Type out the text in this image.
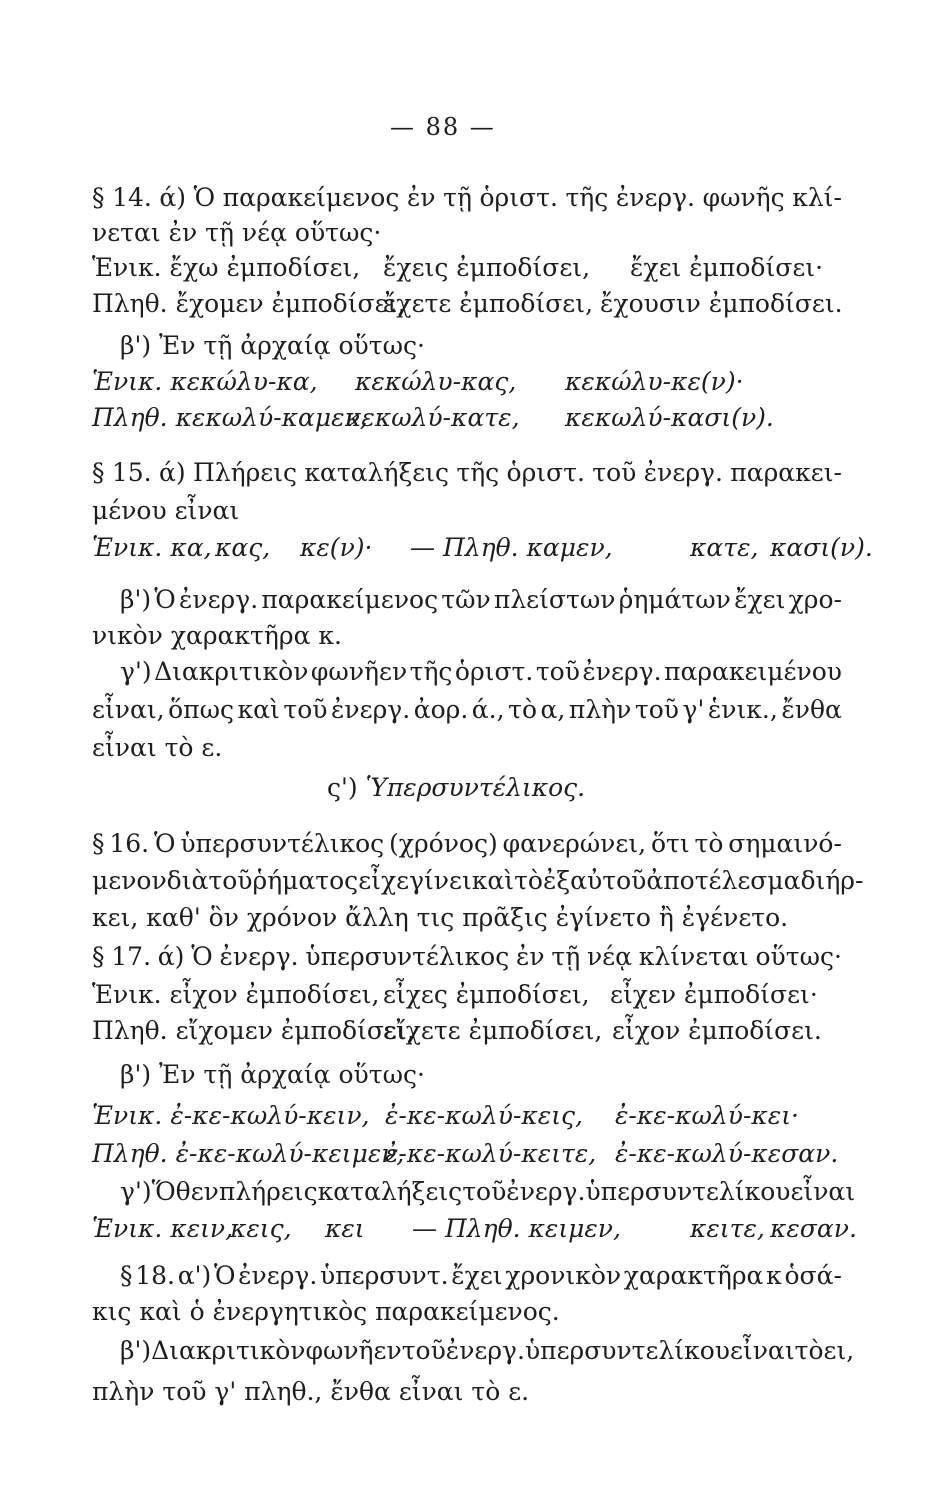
— 88 —
§ 14. ά) Ὁ παρακείμενος ἐν τῇ ὁριστ. τῆς ἐνεργ. φωνῆς κλί-
νεται ἐν τῇ νέᾳ οὕτως·
Ἑνικ. ἔχω ἐμποδίσει, ἔχεις ἐμποδίσει, ἔχει ἐμποδίσει·
Πληθ. ἔχομεν ἐμποδίσει,
ἔχετε ἐμποδίσει, ἔχουσιν ἐμποδίσει.
β') Ἐν τῇ ἀρχαίᾳ οὕτως·
Ἑνικ. κεκώλυ-κα, κεκώλυ-κας, κεκώλυ-κε(ν)·
Πληθ. κεκωλύ-καμεν,
κεκωλύ-κατε, κεκωλύ-κασι(ν).
§ 15. ά) Πλήρεις καταλήξεις τῆς ὁριστ. τοῦ ἐνεργ. παρακει-
μένου εἶναι
Ἑνικ. κα, κας, κε(ν)· — Πληθ. καμεν,	κατε, κασι(ν).
β') Ὁ ἐνεργ. παρακείμενος τῶν πλείστων ῥημάτων ἔχει χρο-
νικὸν χαρακτῆρα κ.
γ') Διακριτικὸν φωνῆεν τῆς ὁριστ. τοῦ ἐνεργ. παρακειμένου
εἶναι, ὅπως καὶ τοῦ ἐνεργ. ἀορ. ά., τὸ α, πλὴν τοῦ γ' ἑνικ., ἔνθα
εἶναι τὸ ε.
ς') Ὑπερσυντέλικος.
§ 16. Ὁ ὑπερσυντέλικος (χρόνος) φανερώνει, ὅτι τὸ σημαινό-
μενον διὰ τοῦ ῥήματος εἶχε γίνει καὶ τὸ ἐξ αὐτοῦ ἀποτέλεσμα διήρ-
κει, καθ' ὃν χρόνον ἄλλη τις πρᾶξις ἐγίνετο ἢ ἐγένετο.
§ 17. ά) Ὁ ἐνεργ. ὑπερσυντέλικος ἐν τῇ νέᾳ κλίνεται οὕτως·
Ἑνικ. εἶχον ἐμποδίσει, εἶχες ἐμποδίσει, εἶχεν ἐμποδίσει·
Πληθ. εἴχομεν ἐμποδίσει,
εἴχετε ἐμποδίσει, εἶχον ἐμποδίσει.
β') Ἐν τῇ ἀρχαίᾳ οὕτως·
Ἑνικ. ἐ-κε-κωλύ-κειν, ἐ-κε-κωλύ-κεις, ἐ-κε-κωλύ-κει·
Πληθ. ἐ-κε-κωλύ-κειμεν,
ἐ-κε-κωλύ-κειτε, ἐ-κε-κωλύ-κεσαν.
γ') Ὅθεν πλήρεις καταλήξεις τοῦ ἐνεργ. ὑπερσυντελίκου εἶναι
Ἑνικ. κειν,
κεις, κει — Πληθ. κειμεν,	κειτε, κεσαν.
§ 18. α') Ὁ ἐνεργ. ὑπερσυντ. ἔχει χρονικὸν χαρακτῆρα κ ὁσά-
κις καὶ ὁ ἐνεργητικὸς παρακείμενος.
β') Διακριτικὸν φωνῆεν τοῦ ἐνεργ. ὑπερσυντελίκου εἶναι τὸ ει,
πλὴν τοῦ γ' πληθ., ἔνθα εἶναι τὸ ε.
